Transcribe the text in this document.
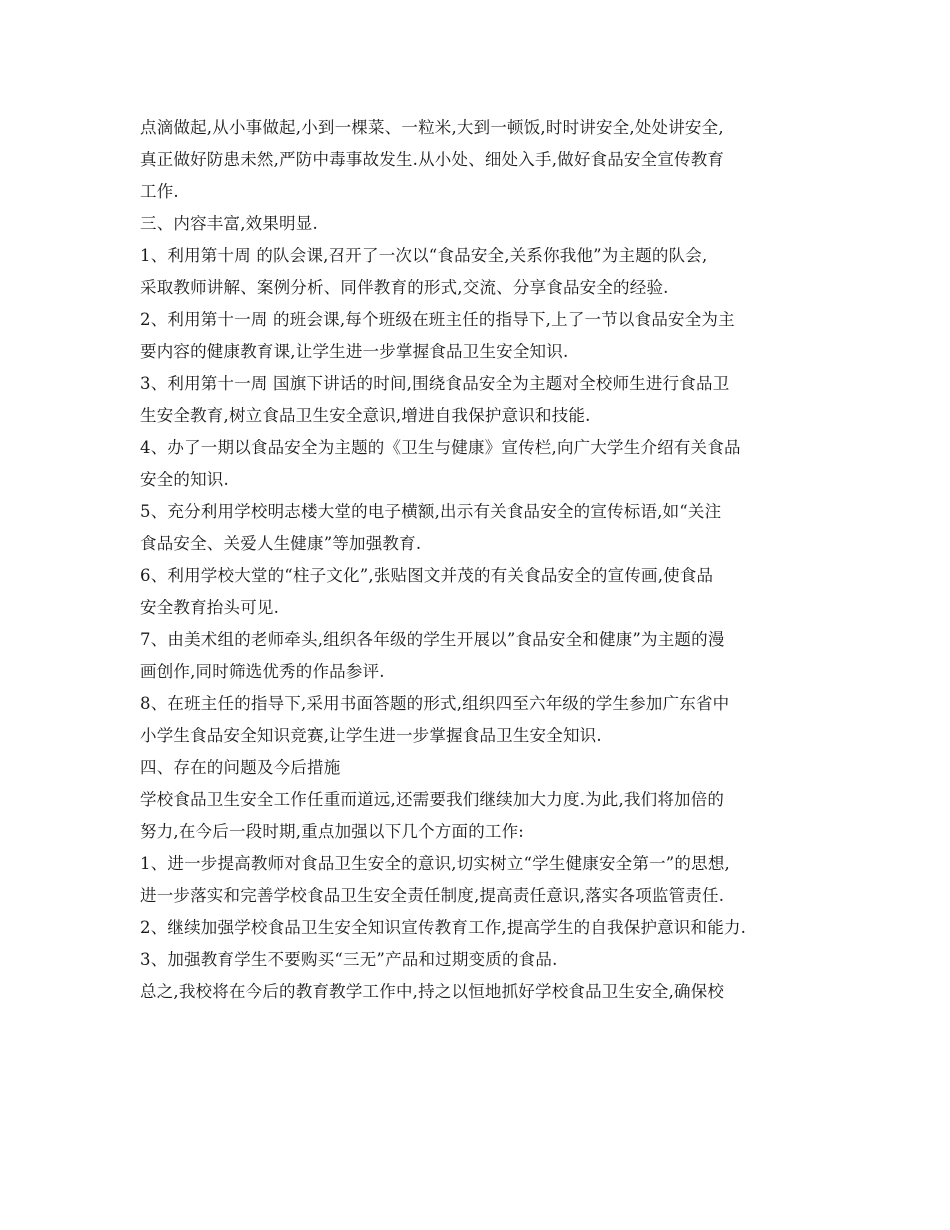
点滴做起,从小事做起,小到一棵菜、一粒米,大到一顿饭,时时讲安全,处处讲安全,
真正做好防患未然,严防中毒事故发生.从小处、细处入手,做好食品安全宣传教育
工作.
三、内容丰富,效果明显.
1、利用第十周 的队会课,召开了一次以“食品安全,关系你我他”为主题的队会,
采取教师讲解、案例分析、同伴教育的形式,交流、分享食品安全的经验.
2、利用第十一周 的班会课,每个班级在班主任的指导下,上了一节以食品安全为主
要内容的健康教育课,让学生进一步掌握食品卫生安全知识.
3、利用第十一周 国旗下讲话的时间,围绕食品安全为主题对全校师生进行食品卫
生安全教育,树立食品卫生安全意识,增进自我保护意识和技能.
4、办了一期以食品安全为主题的《卫生与健康》宣传栏,向广大学生介绍有关食品
安全的知识.
5、充分利用学校明志楼大堂的电子横额,出示有关食品安全的宣传标语,如“关注
食品安全、关爱人生健康”等加强教育.
6、利用学校大堂的“柱子文化”,张贴图文并茂的有关食品安全的宣传画,使食品
安全教育抬头可见.
7、由美术组的老师牵头,组织各年级的学生开展以”食品安全和健康”为主题的漫
画创作,同时筛选优秀的作品参评.
8、在班主任的指导下,采用书面答题的形式,组织四至六年级的学生参加广东省中
小学生食品安全知识竞赛,让学生进一步掌握食品卫生安全知识.
四、存在的问题及今后措施
学校食品卫生安全工作任重而道远,还需要我们继续加大力度.为此,我们将加倍的
努力,在今后一段时期,重点加强以下几个方面的工作:
1、进一步提高教师对食品卫生安全的意识,切实树立“学生健康安全第一”的思想,
进一步落实和完善学校食品卫生安全责任制度,提高责任意识,落实各项监管责任.
2、继续加强学校食品卫生安全知识宣传教育工作,提高学生的自我保护意识和能力.
3、加强教育学生不要购买“三无”产品和过期变质的食品.
总之,我校将在今后的教育教学工作中,持之以恒地抓好学校食品卫生安全,确保校
